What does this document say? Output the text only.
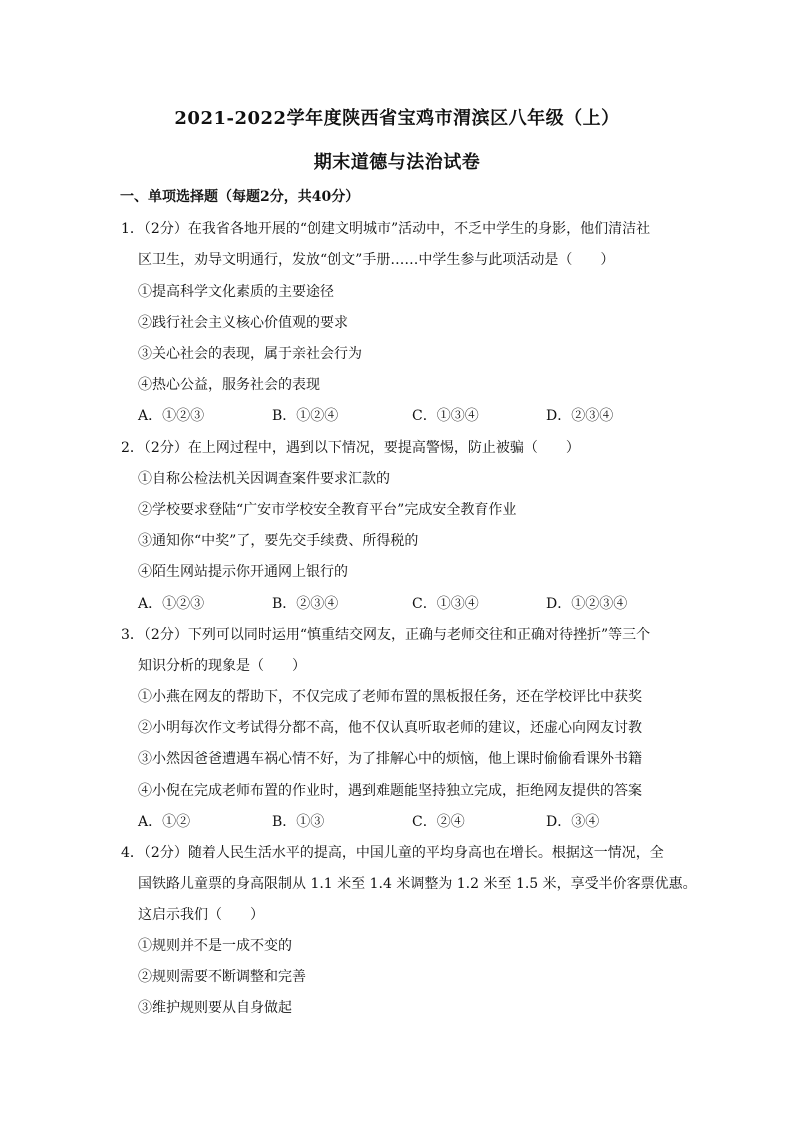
2021-2022学年度陕西省宝鸡市渭滨区八年级（上）
期末道德与法治试卷
一、单项选择题（每题2分，共40分）
1．（2分）在我省各地开展的“创建文明城市”活动中，不乏中学生的身影，他们清洁社
区卫生，劝导文明通行，发放“创文”手册……中学生参与此项活动是（　　）
①提高科学文化素质的主要途径
②践行社会主义核心价值观的要求
③关心社会的表现，属于亲社会行为
④热心公益，服务社会的表现
A．①②③	B．①②④	C．①③④	D．②③④
2．（2分）在上网过程中，遇到以下情况，要提高警惕，防止被骗（　　）
①自称公检法机关因调查案件要求汇款的
②学校要求登陆“广安市学校安全教育平台”完成安全教育作业
③通知你“中奖”了，要先交手续费、所得税的
④陌生网站提示你开通网上银行的
A．①②③	B．②③④	C．①③④	D．①②③④
3．（2分）下列可以同时运用“慎重结交网友，正确与老师交往和正确对待挫折”等三个
知识分析的现象是（　　）
①小燕在网友的帮助下，不仅完成了老师布置的黑板报任务，还在学校评比中获奖
②小明每次作文考试得分都不高，他不仅认真听取老师的建议，还虚心向网友讨教
③小然因爸爸遭遇车祸心情不好，为了排解心中的烦恼，他上课时偷偷看课外书籍
④小倪在完成老师布置的作业时，遇到难题能坚持独立完成，拒绝网友提供的答案
A．①②	B．①③	C．②④	D．③④
4．（2分）随着人民生活水平的提高，中国儿童的平均身高也在增长。根据这一情况，全
国铁路儿童票的身高限制从 1.1 米至 1.4 米调整为 1.2 米至 1.5 米，享受半价客票优惠。
这启示我们（　　）
①规则并不是一成不变的
②规则需要不断调整和完善
③维护规则要从自身做起
